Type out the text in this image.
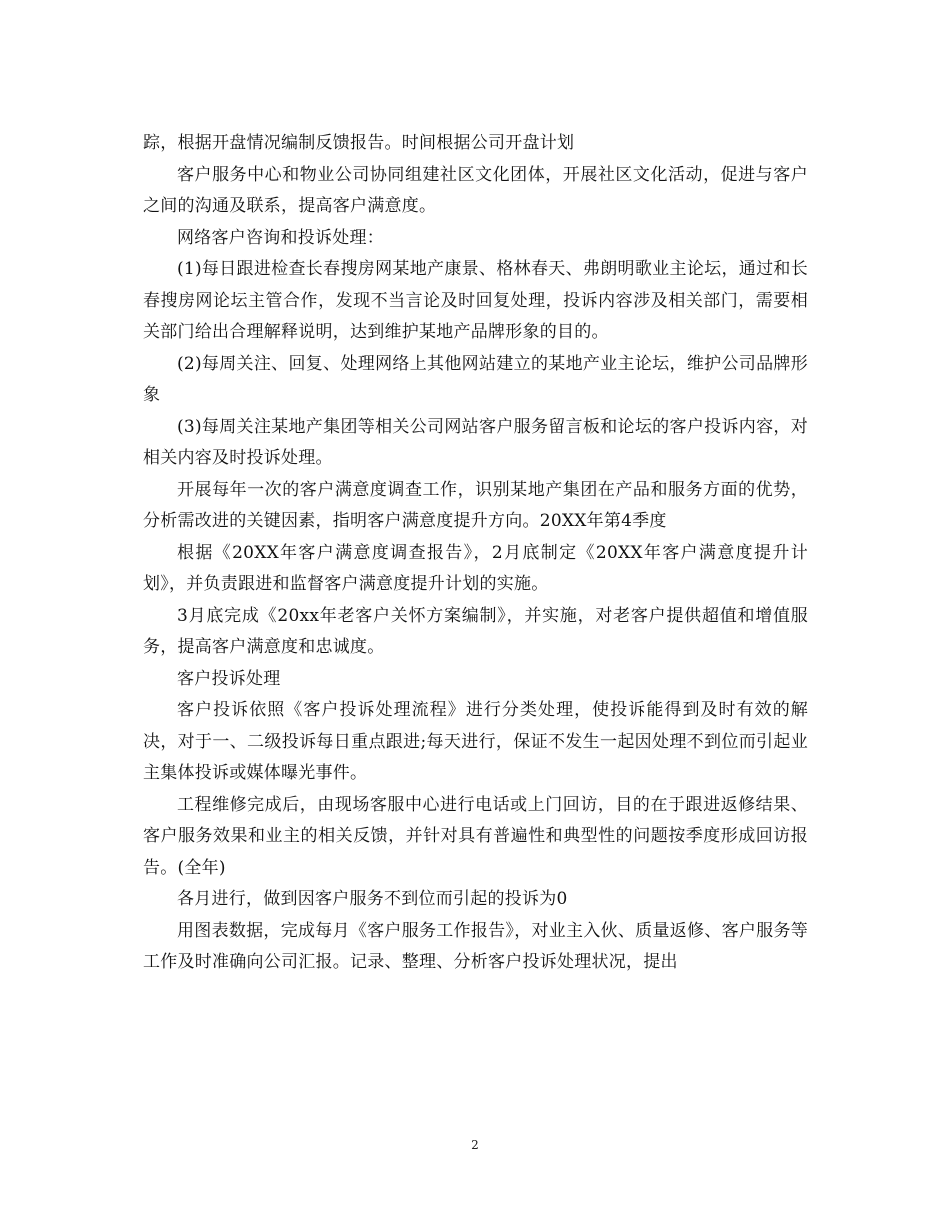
踪，根据开盘情况编制反馈报告。时间根据公司开盘计划

客户服务中心和物业公司协同组建社区文化团体，开展社区文化活动，促进与客户之间的沟通及联系，提高客户满意度。

网络客户咨询和投诉处理：

(1)每日跟进检查长春搜房网某地产康景、格林春天、弗朗明歌业主论坛，通过和长春搜房网论坛主管合作，发现不当言论及时回复处理，投诉内容涉及相关部门，需要相关部门给出合理解释说明，达到维护某地产品牌形象的目的。

(2)每周关注、回复、处理网络上其他网站建立的某地产业主论坛，维护公司品牌形象

(3)每周关注某地产集团等相关公司网站客户服务留言板和论坛的客户投诉内容，对相关内容及时投诉处理。

开展每年一次的客户满意度调查工作，识别某地产集团在产品和服务方面的优势，分析需改进的关键因素，指明客户满意度提升方向。20XX年第4季度

根据《20XX年客户满意度调查报告》，2月底制定《20XX年客户满意度提升计划》，并负责跟进和监督客户满意度提升计划的实施。

3月底完成《20xx年老客户关怀方案编制》，并实施，对老客户提供超值和增值服务，提高客户满意度和忠诚度。

客户投诉处理

客户投诉依照《客户投诉处理流程》进行分类处理，使投诉能得到及时有效的解决，对于一、二级投诉每日重点跟进;每天进行，保证不发生一起因处理不到位而引起业主集体投诉或媒体曝光事件。

工程维修完成后，由现场客服中心进行电话或上门回访，目的在于跟进返修结果、客户服务效果和业主的相关反馈，并针对具有普遍性和典型性的问题按季度形成回访报告。(全年)

各月进行，做到因客户服务不到位而引起的投诉为0

用图表数据，完成每月《客户服务工作报告》，对业主入伙、质量返修、客户服务等工作及时准确向公司汇报。记录、整理、分析客户投诉处理状况，提出

2
